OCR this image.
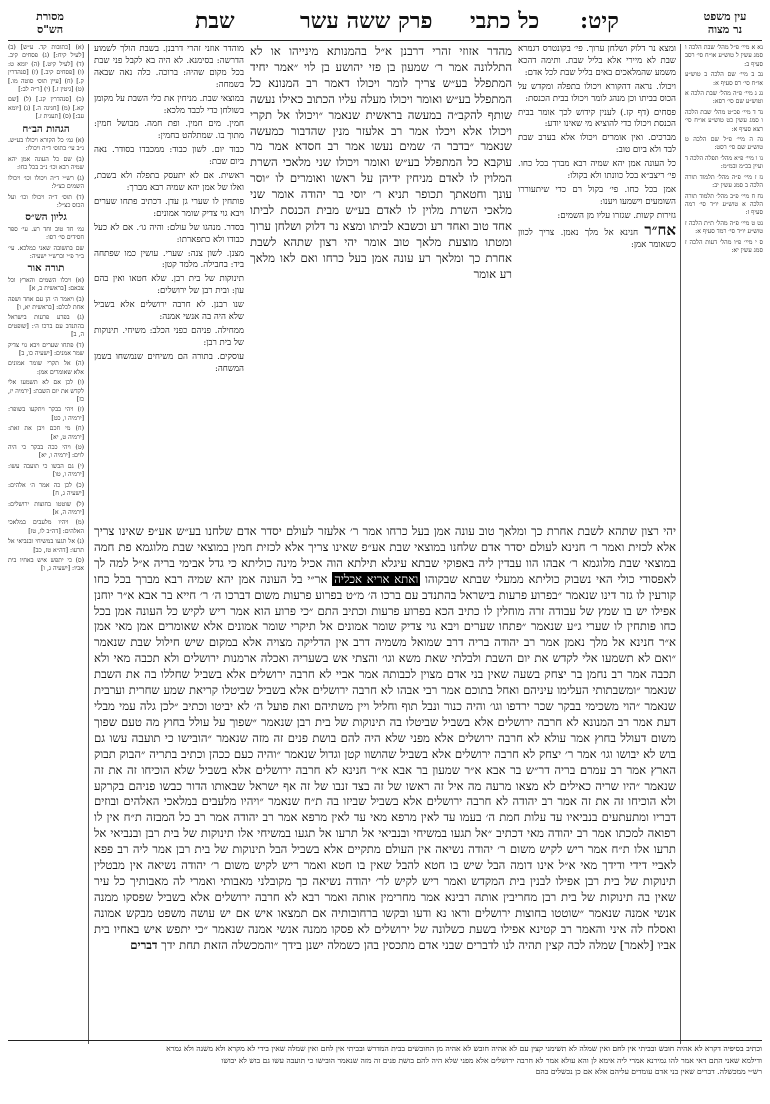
מסורת
הש"ס	שבת	פרק ששה עשר כל כתבי קיט:	עין משפט
נר מצוה

(א) [כתובות קד. ע״ש] (ב) [לעיל קיח:] (ג) פסחים קיב. (ד) [לעיל קיט.] (ה) יומא ט: (ו) [פסחים קיב.] (ז) [סנהדרין ק.] (ח) [עיין תוס׳ סוטה מו.] (ט) [גיטין ז.] (י) [ר״ה לב:]

(כ) [סנהדרין קג.] (ל) [שם קא.] (מ) [חגיגה ה.] (נ) [יומא עב:] (ס) [תענית ז.]

הגהות הב״ח

(א) גמ׳ כל הקורא ויכולו בע״ש. נ״ב עי׳ בתוס׳ ד״ה ויכולו:

(ב) שם כל העונה אמן יהא שמיה רבא וכו׳ נ״ב בכל כחו:

(ג) רש״י ד״ה ויכולו וכו׳ ויכולו השמים כצ״ל:

(ד) תוס׳ ד״ה ויכולו וכו׳ ועל הכוס כצ״ל:

גליון הש״ס

גמ׳ חד טוב וחד רע. עי׳ ספר חסידים סי׳ רסו:

שם בתשובה שאני כמלכא. עי׳ ב״ר פ״י וברש״י ישעיה:

תורה אור

(א) ויכלו השמים והארץ וכל צבאם: [בראשית ב, א]

(ב) ויאמר ה׳ הן עם אחד ושפה אחת לכלם: [בראשית יא, ו]

(ג) בפרע פרעות בישראל בהתנדב עם ברכו ה׳: [שופטים ה, ב]

(ד) פתחו שערים ויבא גוי צדיק שמר אמנים: [ישעיה כו, ב]

(ה) אל תקרי שומר אמונים אלא שאומרים אמן:

(ו) לכן אם לא תשמעו אלי לקדש את יום השבת: [ירמיה יז, כז]

(ז) ויהי בבקר ויתקעו בשופר: [ירמיה ו, כט]

(ח) מי חכם ויבן את זאת: [ירמיה ט, יא]

(ט) ויהי ככה בבקר כי היה לוים: [ירמיה ו, יא]

(י) גם הבשו כי תועבה עשו: [ירמיה ו, טו]

(כ) לכן כה אמר ה׳ אלהים: [ישעיה ג, ח]

(ל) שוטטו בחוצות ירושלים: [ירמיה ה, א]

(מ) ויהיו מלעבים במלאכי האלהים: [דה״ב לו, טז]

(נ) אל תגעו במשיחי ובנביאי אל תרעו: [דה״א טז, כב]

(ס) כי יתפש איש באחיו בית אביו: [ישעיה ג, ו]

נא א מיי׳ פ״ל מהל׳ שבת הלכה ו סמג עשין ל טוש״ע או״ח סי׳ רסב סעיף ב:

נב ב מיי׳ שם הלכה ב טוש״ע או״ח סי׳ רס סעיף א:

נג ג מיי׳ פ״ה מהל׳ שבת הלכה א וטוש״ע שם סי׳ רסא:

נד ד מיי׳ פכ״ט מהל׳ שבת הלכה ו סמג עשין כט טוש״ע או״ח סי׳ רצא סעיף א:

נה ה מיי׳ פ״ל שם הלכה ט טוש״ע שם סי׳ רסט:

נו ו מיי׳ פ״א מהל׳ תפלה הלכה ד ועיין בכ״מ ובמ״מ:

נז ז מיי׳ פ״ה מהל׳ תלמוד תורה הלכה ב סמג עשין יב:

נח ח מיי׳ פ״ב מהל׳ תלמוד תורה הלכה א טוש״ע יו״ד סי׳ רמה סעיף ז:

נט ט מיי׳ פ״ה מהל׳ ת״ת הלכה ז טוש״ע יו״ד סי׳ רמד סעיף א:

ס י מיי׳ פ״ו מהל׳ דעות הלכה ז סמג עשין יא:

מוהדר אוזני זהרי דרבנן. בשבת הולך לשמוע הדרשה: בסימנא. לא היה בא לקבל פני שבת בכל מקום שהיה: ברוכה. כלה נאה שבאה בשמחה:

במוצאי שבת. מניחין את כלי השבת על מקומן בשולחן כדי לכבד מלכא:

חמין. מים חמין. ופת חמה. מבושל חמין: מתוך בו. שמתלהט בחמין:

כבוד יום. לשון כבוד: ממכבדו בסודר. נאה ביום שבת:

ראשית. אם לא יתעסק בתפלה ולא בשבת, ואלו של אמן יהא שמיה רבא מברך:

פותחין לו שערי גן עדן. דכתיב פתחו שערים ויבא גוי צדיק שומר אמונים:

בסדר. מנהגו של עולם: והיה גו׳. אם לא כעל כבודו ולא כתפארתו:

מצנן. לשון צנה: שערי. עושין כמו שפתחה ביד: בחבילה. מלמד קטן:

תינוקות של בית רבן. שלא חטאו ואין בהם עון: ובית רבן של ירושלים:

שנו רבנן. לא חרבה ירושלים אלא בשביל שלא היה בה אנשי אמנה:

ממחילה. פניהם כפני הכלב: משיחי. תינוקות של בית רבן:

עוסקים. בתורה הם משיחים שנמשחו בשמן המשחה:

ומצא נר דלוק ושלחן ערוך. פי׳ בקונטרס דגמרא שבת לא מיירי אלא בליל שבת. ותימה דהכא משמע שהמלאכים באים בליל שבת לכל אדם:

ויכולו. נראה דהקורא ויכולו בתפלה ומקדש על הכוס בביתו וכן מנהג לומר ויכולו בבית הכנסת:

פסחים (דף קז.) לענין קידוש לכך אומר בבית הכנסת ויכולו כדי להוציא מי שאינו יודע:

מברכים. ואין אומרים ויכולו אלא בערב שבת לבד ולא ביום טוב:

כל העונה אמן יהא שמיה רבא מברך בכל כחו. פי׳ ריצב״א בכל כוונתו ולא בקולו:

אמן בכל כחו. פי׳ בקול רם כדי שיתעוררו השומעים וישמעו ויענו:

גזירות קשות. שגזרו עליו מן השמים:

אח״ר חנינא אל מלך נאמן. צריך לכוון כשאומר אמן:

מהדר אזוזי זהרי דרבנן א״ל בהמנותא מינייהו או לא התללונה אמר ר׳ שמעון בן פזי יהושע בן לוי ״אמר יחיד המתפלל בע״ש צריך לומר ויכולו דאמר רב המנונא כל המתפלל בע״ש ואומר ויכולו מעלה עליו הכתוב כאילו נעשה שותף להקב״ה במעשה בראשית שנאמר ״ויכולו אל תקרי ויכולו אלא ויכלו אמר רב אלעזר מנין שהדבור כמעשה שנאמר ״בדבר ה׳ שמים נעשו אמר רב חסדא אמר מר עוקבא כל המתפלל בע״ש ואומר ויכולו שני מלאכי השרת המלוין לו לאדם מניחין ידיהן על ראשו ואומרים לו ״וסר עונך וחטאתך תכופר תניא ר׳ יוסי בר יהודה אומר שני מלאכי השרת מלוין לו לאדם בע״ש מבית הכנסת לביתו אחד טוב ואחד רע וכשבא לביתו ומצא נר דלוק ושלחן ערוך ומטתו מוצעת מלאך טוב אומר יהי רצון שתהא לשבת אחרת כך ומלאך רע עונה אמן בעל כרחו ואם לאו מלאך רע אומר
יהי רצון שתהא לשבת אחרת כך ומלאך טוב עונה אמן בעל כרחו אמר ר׳ אלעזר לעולם יסדר אדם שלחנו בע״ש אע״פ שאינו צריך אלא לכזית ואמר ר׳ חנינא לעולם יסדר אדם שלחנו במוצאי שבת אע״פ שאינו צריך אלא לכזית חמין במוצאי שבת מלוגמא פת חמה במוצאי שבת מלוגמא ר׳ אבהו הוו עבדין ליה באפוקי שבתא עיגלא תילתא הוה אכיל מינה כוליתא כי גדל אבימי בריה א״ל למה לך לאפסודי כולי האי נשבוק כוליתא ממעלי שבתא שבקוהו ואתא אריא אכליה אר״י בל העונה אמן יהא שמיה רבא מברך בכל כחו קורעין לו גזר דינו שנאמר ״בפרוע פרעות בישראל בהתנדב עם ברכו ה׳ מ״ט בפרוע פרעות משום דברכו ה׳ ר׳ חייא בר אבא א״ר יוחנן אפילו יש בו שמץ של עבודה זרה מוחלין לו כתיב הכא בפרוע פרעות וכתיב התם ״כי פרוע הוא אמר ריש לקיש כל העונה אמן בכל כחו פותחין לו שערי ג״ע שנאמר ״פתחו שערים ויבא גוי צדיק שומר אמונים אל תיקרי שומר אמונים אלא שאומרים אמן מאי אמן א״ר חנינא אל מלך נאמן אמר רב יהודה בריה דרב שמואל משמיה דרב אין הדליקה מצויה אלא במקום שיש חילול שבת שנאמר ״ואם לא תשמעו אלי לקדש את יום השבת ולבלתי שאת משא וגו׳ והצתי אש בשעריה ואכלה ארמנות ירושלים ולא תכבה מאי ולא תכבה אמר רב נחמן בר יצחק בשעה שאין בני אדם מצוין לכבותה אמר אביי לא חרבה ירושלים אלא בשביל שחללו בה את השבת שנאמר ״ומשבתותי העלימו עיניהם ואחל בתוכם אמר רבי אבהו לא חרבה ירושלים אלא בשביל שביטלו קריאת שמע שחרית וערבית שנאמר ״הוי משכימי בבקר שכר ירדפו וגו׳ והיה כנור ונבל תוף וחליל ויין משתיהם ואת פועל ה׳ לא יביטו וכתיב ״לכן גלה עמי מבלי דעת אמר רב המנונא לא חרבה ירושלים אלא בשביל שביטלו בה תינוקות של בית רבן שנאמר ״שפוך על עולל בחוץ מה טעם שפוך משום דעולל בחוץ אמר עולא לא חרבה ירושלים אלא מפני שלא היה להם בושת פנים זה מזה שנאמר ״הובישו כי תועבה עשו גם בוש לא יבושו וגו׳ אמר ר׳ יצחק לא חרבה ירושלים אלא בשביל שהושוו קטן וגדול שנאמר ״והיה כעם ככהן וכתיב בתריה ״הבוק תבוק הארץ אמר רב עמרם בריה דר״ש בר אבא א״ר שמעון בר אבא א״ר חנינא לא חרבה ירושלים אלא בשביל שלא הוכיחו זה את זה שנאמר ״היו שריה כאילים לא מצאו מרעה מה איל זה ראשו של זה בצד זנבו של זה אף ישראל שבאותו הדור כבשו פניהם בקרקע ולא הוכיחו זה את זה אמר רב יהודה לא חרבה ירושלים אלא בשביל שביזו בה ת״ח שנאמר ״ויהיו מלעבים במלאכי האלהים ובוזים דבריו ומתעתעים בנביאיו עד עלות חמת ה׳ בעמו עד לאין מרפא מאי עד לאין מרפא אמר רב יהודה אמר רב כל המבזה ת״ח אין לו רפואה למכתו אמר רב יהודה מאי דכתיב ״אל תגעו במשיחי ובנביאי אל תרעו אל תגעו במשיחי אלו תינוקות של בית רבן ובנביאי אל תרעו אלו ת״ח אמר ריש לקיש משום ר׳ יהודה נשיאה אין העולם מתקיים אלא בשביל הבל תינוקות של בית רבן אמר ליה רב פפא לאביי דידי ודידך מאי א״ל אינו דומה הבל שיש בו חטא להבל שאין בו חטא ואמר ריש לקיש משום ר׳ יהודה נשיאה אין מבטלין תינוקות של בית רבן אפילו לבנין בית המקדש ואמר ריש לקיש לר׳ יהודה נשיאה כך מקובלני מאבותי ואמרי לה מאבותיך כל עיר שאין בה תינוקות של בית רבן מחריבין אותה רבינא אמר מחרימין אותה ואמר רבא לא חרבה ירושלים אלא בשביל שפסקו ממנה אנשי אמנה שנאמר ״שוטטו בחוצות ירושלים וראו נא ודעו ובקשו ברחובותיה אם תמצאו איש אם יש עושה משפט מבקש אמונה ואסלח לה איני והאמר רב קטינא אפילו בשעת כשלונה של ירושלים לא פסקו ממנה אנשי אמנה שנאמר ״כי יתפש איש באחיו בית אביו [לאמר] שמלה לכה קצין תהיה לנו לדברים שבני אדם מתכסין בהן כשמלה ישנן בידך ״והמכשלה הזאת תחת ידך דברים

וכתיב בסיפיה דקרא לא אהיה חובש ובביתי אין לחם ואין שמלה לא תשימני קצין עם לא אהיה חובש לא אהיה מן החובשים בבית המדרש ובביתי אין לחם ואין שמלה שאין בידי לא מקרא ולא משנה ולא גמרא

ודילמא שאני התם דאי אמר להו גמירנא אמרי ליה אימא לן והא עולא אמר לא חרבה ירושלים אלא מפני שלא היה להם בושת פנים זה מזה שנאמר הובישו כי תועבה עשו גם בוש לא יבושו

רש״י ממכשלה. דברים שאין בני אדם עומדים עליהם אלא אם כן נכשלים בהם
